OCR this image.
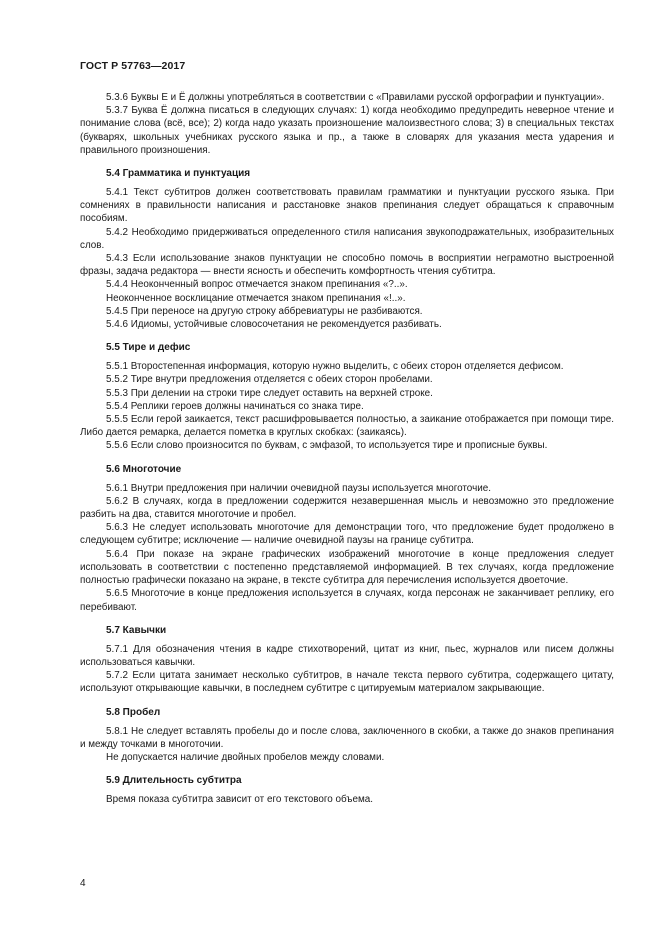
ГОСТ Р 57763—2017

5.3.6 Буквы Е и Ё должны употребляться в соответствии с «Правилами русской орфографии и пунктуации».

5.3.7 Буква Ё должна писаться в следующих случаях: 1) когда необходимо предупредить неверное чтение и понимание слова (всё, все); 2) когда надо указать произношение малоизвестного слова; 3) в специальных текстах (букварях, школьных учебниках русского языка и пр., а также в словарях для указания места ударения и правильного произношения.

5.4 Грамматика и пунктуация

5.4.1 Текст субтитров должен соответствовать правилам грамматики и пунктуации русского языка. При сомнениях в правильности написания и расстановке знаков препинания следует обращаться к справочным пособиям.

5.4.2 Необходимо придерживаться определенного стиля написания звукоподражательных, изобразительных слов.

5.4.3 Если использование знаков пунктуации не способно помочь в восприятии неграмотно выстроенной фразы, задача редактора — внести ясность и обеспечить комфортность чтения субтитра.

5.4.4 Неоконченный вопрос отмечается знаком препинания «?..».

Неоконченное восклицание отмечается знаком препинания «!..».

5.4.5 При переносе на другую строку аббревиатуры не разбиваются.

5.4.6 Идиомы, устойчивые словосочетания не рекомендуется разбивать.

5.5 Тире и дефис

5.5.1 Второстепенная информация, которую нужно выделить, с обеих сторон отделяется дефисом.

5.5.2 Тире внутри предложения отделяется с обеих сторон пробелами.

5.5.3 При делении на строки тире следует оставить на верхней строке.

5.5.4 Реплики героев должны начинаться со знака тире.

5.5.5 Если герой заикается, текст расшифровывается полностью, а заикание отображается при помощи тире. Либо дается ремарка, делается пометка в круглых скобках: (заикаясь).

5.5.6 Если слово произносится по буквам, с эмфазой, то используется тире и прописные буквы.

5.6 Многоточие

5.6.1 Внутри предложения при наличии очевидной паузы используется многоточие.

5.6.2 В случаях, когда в предложении содержится незавершенная мысль и невозможно это предложение разбить на два, ставится многоточие и пробел.

5.6.3 Не следует использовать многоточие для демонстрации того, что предложение будет продолжено в следующем субтитре; исключение — наличие очевидной паузы на границе субтитра.

5.6.4 При показе на экране графических изображений многоточие в конце предложения следует использовать в соответствии с постепенно представляемой информацией. В тех случаях, когда предложение полностью графически показано на экране, в тексте субтитра для перечисления используется двоеточие.

5.6.5 Многоточие в конце предложения используется в случаях, когда персонаж не заканчивает реплику, его перебивают.

5.7 Кавычки

5.7.1 Для обозначения чтения в кадре стихотворений, цитат из книг, пьес, журналов или писем должны использоваться кавычки.

5.7.2 Если цитата занимает несколько субтитров, в начале текста первого субтитра, содержащего цитату, используют открывающие кавычки, в последнем субтитре с цитируемым материалом закрывающие.

5.8 Пробел

5.8.1 Не следует вставлять пробелы до и после слова, заключенного в скобки, а также до знаков препинания и между точками в многоточии.

Не допускается наличие двойных пробелов между словами.

5.9 Длительность субтитра

Время показа субтитра зависит от его текстового объема.

4
